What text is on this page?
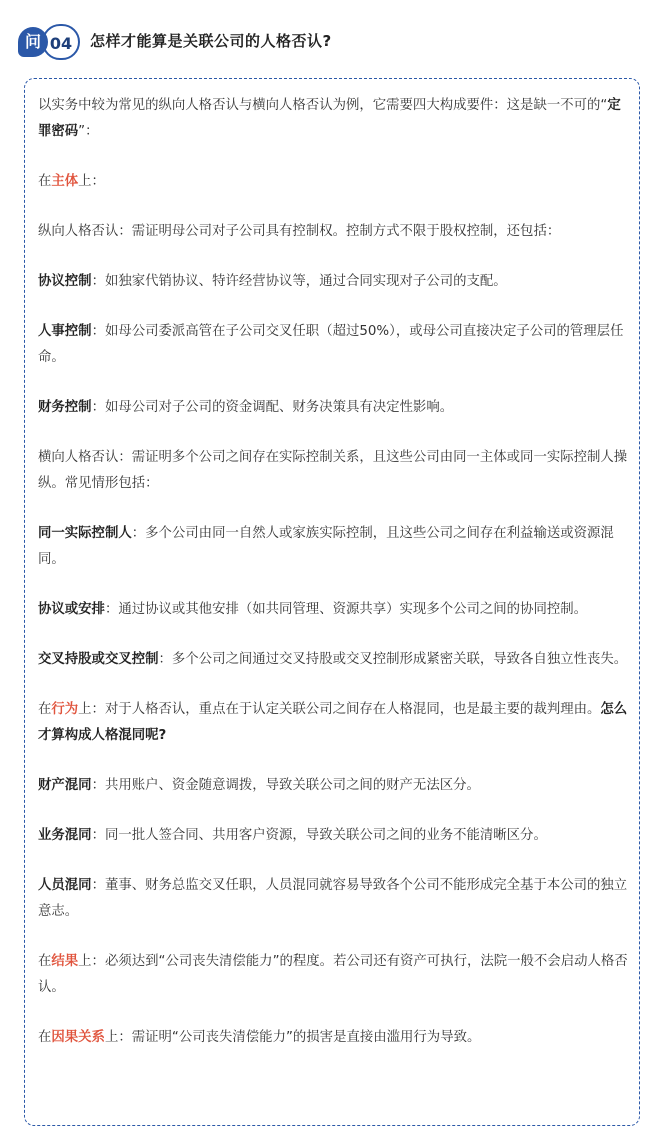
问 04	怎样才能算是关联公司的人格否认?

以实务中较为常见的纵向人格否认与横向人格否认为例，它需要四大构成要件：这是缺一不可的“定罪密码”：

在主体上：

纵向人格否认：需证明母公司对子公司具有控制权。控制方式不限于股权控制，还包括：

协议控制：如独家代销协议、特许经营协议等，通过合同实现对子公司的支配。

人事控制：如母公司委派高管在子公司交叉任职（超过50%），或母公司直接决定子公司的管理层任命。

财务控制：如母公司对子公司的资金调配、财务决策具有决定性影响。

横向人格否认：需证明多个公司之间存在实际控制关系，且这些公司由同一主体或同一实际控制人操纵。常见情形包括：

同一实际控制人：多个公司由同一自然人或家族实际控制，且这些公司之间存在利益输送或资源混同。

协议或安排：通过协议或其他安排（如共同管理、资源共享）实现多个公司之间的协同控制。

交叉持股或交叉控制：多个公司之间通过交叉持股或交叉控制形成紧密关联，导致各自独立性丧失。

在行为上：对于人格否认，重点在于认定关联公司之间存在人格混同，也是最主要的裁判理由。怎么才算构成人格混同呢?

财产混同：共用账户、资金随意调拨，导致关联公司之间的财产无法区分。

业务混同：同一批人签合同、共用客户资源，导致关联公司之间的业务不能清晰区分。

人员混同：董事、财务总监交叉任职，人员混同就容易导致各个公司不能形成完全基于本公司的独立意志。

在结果上：必须达到“公司丧失清偿能力”的程度。若公司还有资产可执行，法院一般不会启动人格否认。

在因果关系上：需证明“公司丧失清偿能力”的损害是直接由滥用行为导致。
